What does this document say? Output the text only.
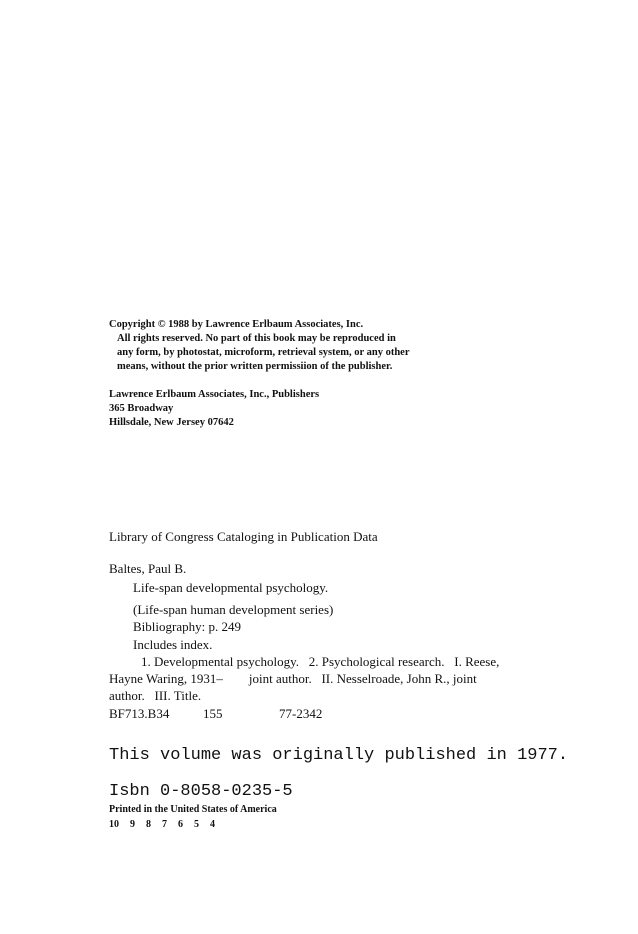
Copyright © 1988 by Lawrence Erlbaum Associates, Inc.
All rights reserved. No part of this book may be reproduced in
any form, by photostat, microform, retrieval system, or any other
means, without the prior written permissiion of the publisher.
Lawrence Erlbaum Associates, Inc., Publishers
365 Broadway
Hillsdale, New Jersey 07642
Library of Congress Cataloging in Publication Data
Baltes, Paul B.
Life-span developmental psychology.
(Life-span human development series)
Bibliography: p. 249
Includes index.
1. Developmental psychology.   2. Psychological research.   I. Reese,
Hayne Waring, 1931–        joint author.   II. Nesselroade, John R., joint
author.   III. Title.
BF713.B34	155	77-2342
This volume was originally published in 1977.
Isbn 0-8058-0235-5
Printed in the United States of America
10  9  8  7  6  5  4
